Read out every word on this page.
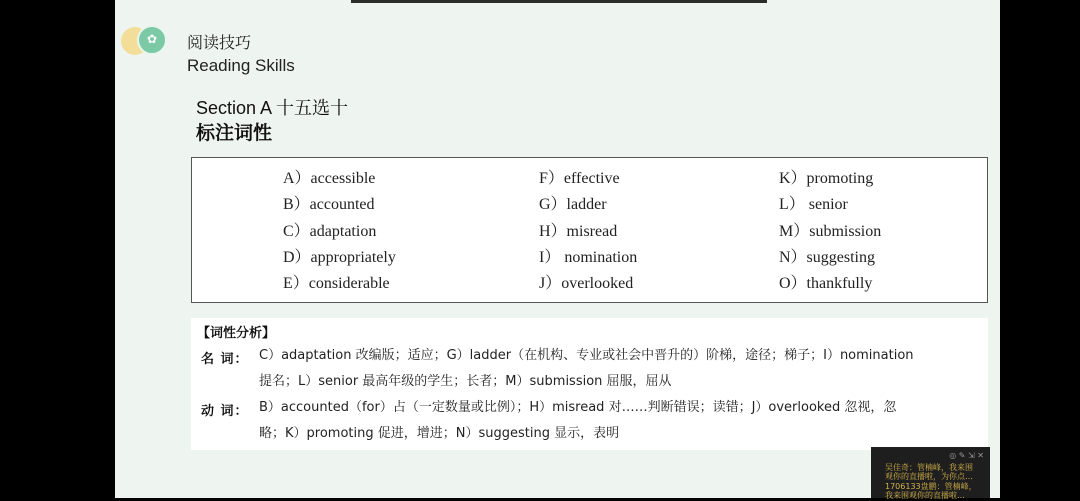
✿	阅读技巧
Reading Skills
Section A 十五选十
标注词性
A）accessible
B）accounted
C）adaptation
D）appropriately
E）considerable
F）effective
G）ladder
H）misread
I） nomination
J）overlooked
K）promoting
L） senior
M）submission
N）suggesting
O）thankfully
【词性分析】
名 词： C）adaptation 改编版；适应；G）ladder（在机构、专业或社会中晋升的）阶梯，途径；梯子；I）nomination
提名；L）senior 最高年级的学生；长者；M）submission 屈服，屈从
动 词： B）accounted（for）占（一定数量或比例）；H）misread 对……判断错误；读错；J）overlooked 忽视，忽
略；K）promoting 促进，增进；N）suggesting 显示，表明
◎ ✎ ⇲ ✕
吴佳奇：管楠峰，我来围
观你的直播啦，为你点…
1706133盘鹏：管楠峰，
我来围观你的直播啦…
